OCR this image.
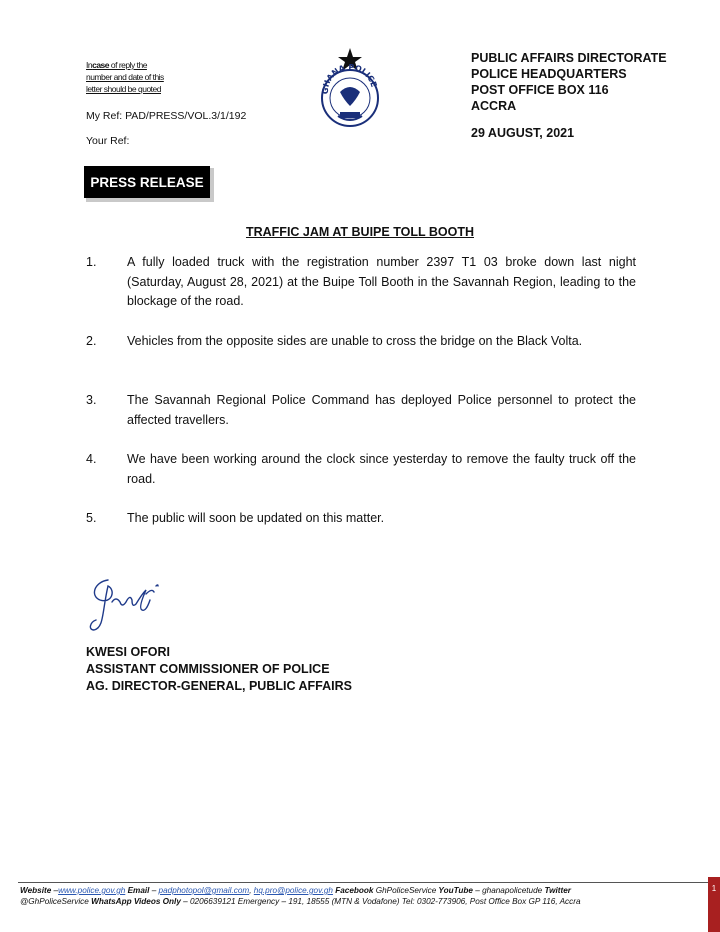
Incase of reply the
number and date of this
letter should be quoted
My Ref: PAD/PRESS/VOL.3/1/192
Your Ref:
GHANA POLICE
PUBLIC AFFAIRS DIRECTORATE
POLICE HEADQUARTERS
POST OFFICE BOX 116
ACCRA
29 AUGUST, 2021
PRESS RELEASE
TRAFFIC JAM AT BUIPE TOLL BOOTH
1. A fully loaded truck with the registration number 2397 T1 03 broke down last night (Saturday, August 28, 2021) at the Buipe Toll Booth in the Savannah Region, leading to the blockage of the road.
2. Vehicles from the opposite sides are unable to cross the bridge on the Black Volta.
3. The Savannah Regional Police Command has deployed Police personnel to protect the affected travellers.
4. We have been working around the clock since yesterday to remove the faulty truck off the road.
5. The public will soon be updated on this matter.
KWESI OFORI
ASSISTANT COMMISSIONER OF POLICE
AG. DIRECTOR-GENERAL, PUBLIC AFFAIRS
Website –www.police.gov.gh Email – padphotopol@gmail.com, hq.pro@police.gov.gh Facebook GhPoliceService YouTube – ghanapolicetude Twitter
@GhPoliceService WhatsApp Videos Only – 0206639121 Emergency – 191, 18555 (MTN & Vodafone) Tel: 0302-773906, Post Office Box GP 116, Accra
1
